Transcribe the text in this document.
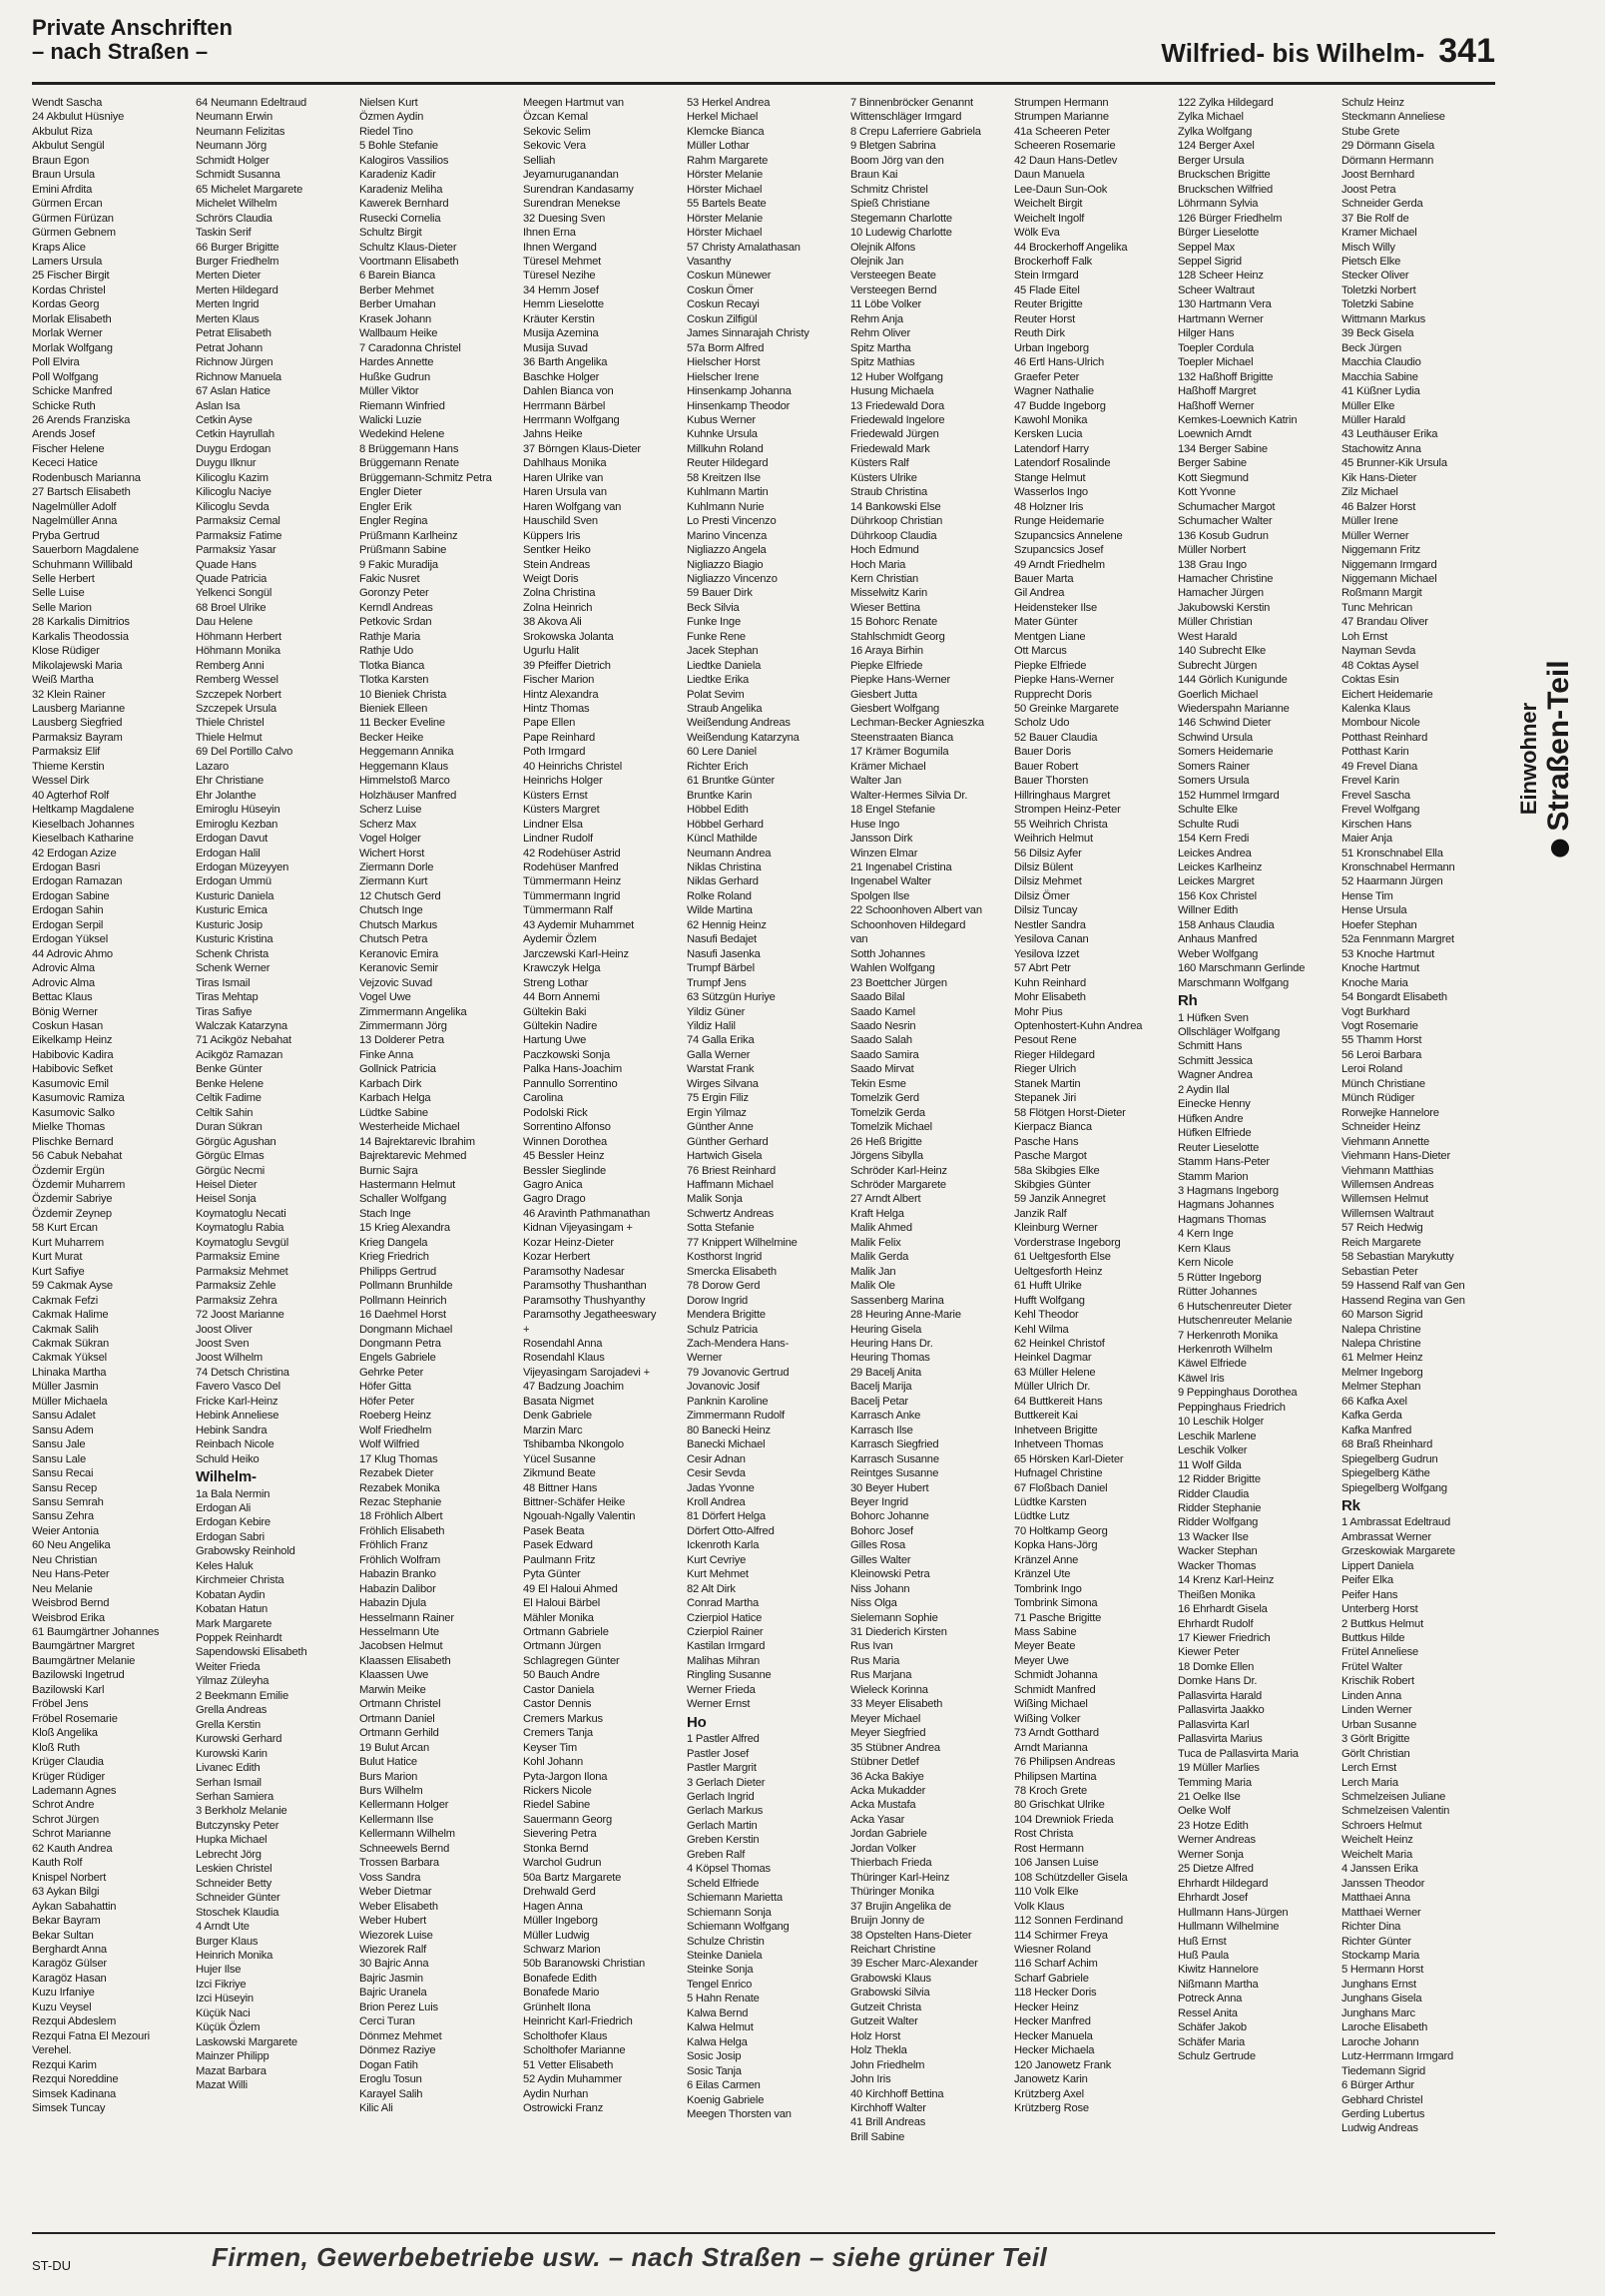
Private Anschriften
– nach Straßen –	Wilfried- bis Wilhelm- 341
Wendt Sascha
24 Akbulut Hüsniye
Akbulut Riza
Akbulut Sengül
Braun Egon
Braun Ursula
Emini Afrdita
Gürmen Ercan
Gürmen Fürüzan
Gürmen Gebnem
Kraps Alice
Lamers Ursula
25 Fischer Birgit
Kordas Christel
Kordas Georg
Morlak Elisabeth
Morlak Werner
Morlak Wolfgang
Poll Elvira
Poll Wolfgang
Schicke Manfred
Schicke Ruth
26 Arends Franziska
Arends Josef
Fischer Helene
Kececi Hatice
Rodenbusch Marianna
27 Bartsch Elisabeth
Nagelmüller Adolf
Nagelmüller Anna
Pryba Gertrud
Sauerborn Magdalene
Schuhmann Willibald
Selle Herbert
Selle Luise
Selle Marion
28 Karkalis Dimitrios
Karkalis Theodossia
Klose Rüdiger
Mikolajewski Maria
Weiß Martha
32 Klein Rainer
Lausberg Marianne
Lausberg Siegfried
Parmaksiz Bayram
Parmaksiz Elif
Thieme Kerstin
Wessel Dirk
40 Agterhof Rolf
Heltkamp Magdalene
Kieselbach Johannes
Kieselbach Katharine
42 Erdogan Azize
Erdogan Basri
Erdogan Ramazan
Erdogan Sabine
Erdogan Sahin
Erdogan Serpil
Erdogan Yüksel
44 Adrovic Ahmo
Adrovic Alma
Adrovic Alma
Bettac Klaus
Bönig Werner
Coskun Hasan
Eikelkamp Heinz
Habibovic Kadira
Habibovic Sefket
Kasumovic Emil
Kasumovic Ramiza
Kasumovic Salko
Mielke Thomas
Plischke Bernard
56 Cabuk Nebahat
Özdemir Ergün
Özdemir Muharrem
Özdemir Sabriye
Özdemir Zeynep
58 Kurt Ercan
Kurt Muharrem
Kurt Murat
Kurt Safiye
59 Cakmak Ayse
Cakmak Fefzi
Cakmak Halime
Cakmak Salih
Cakmak Sükran
Cakmak Yüksel
Lhinaka Martha
Müller Jasmin
Müller Michaela
Sansu Adalet
Sansu Adem
Sansu Jale
Sansu Lale
Sansu Recai
Sansu Recep
Sansu Semrah
Sansu Zehra
Weier Antonia
60 Neu Angelika
Neu Christian
Neu Hans-Peter
Neu Melanie
Weisbrod Bernd
Weisbrod Erika
61 Baumgärtner Johannes
Baumgärtner Margret
Baumgärtner Melanie
Bazilowski Ingetrud
Bazilowski Karl
Fröbel Jens
Fröbel Rosemarie
Kloß Angelika
Kloß Ruth
Krüger Claudia
Krüger Rüdiger
Lademann Agnes
Schrot Andre
Schrot Jürgen
Schrot Marianne
62 Kauth Andrea
Kauth Rolf
Knispel Norbert
63 Aykan Bilgi
Aykan Sabahattin
Bekar Bayram
Bekar Sultan
Berghardt Anna
Karagöz Gülser
Karagöz Hasan
Kuzu Irfaniye
Kuzu Veysel
Rezqui Abdeslem
Rezqui Fatna El Mezouri
Verehel.
Rezqui Karim
Rezqui Noreddine
Simsek Kadinana
Simsek Tuncay
64 Neumann Edeltraud
Neumann Erwin
Neumann Felizitas
Neumann Jörg
Schmidt Holger
Schmidt Susanna
65 Michelet Margarete
Michelet Wilhelm
Schrörs Claudia
Taskin Serif
66 Burger Brigitte
Burger Friedhelm
Merten Dieter
Merten Hildegard
Merten Ingrid
Merten Klaus
Petrat Elisabeth
Petrat Johann
Richnow Jürgen
Richnow Manuela
67 Aslan Hatice
Aslan Isa
Cetkin Ayse
Cetkin Hayrullah
Duygu Erdogan
Duygu Ilknur
Kilicoglu Kazim
Kilicoglu Naciye
Kilicoglu Sevda
Parmaksiz Cemal
Parmaksiz Fatime
Parmaksiz Yasar
Quade Hans
Quade Patricia
Yelkenci Songül
68 Broel Ulrike
Dau Helene
Höhmann Herbert
Höhmann Monika
Remberg Anni
Remberg Wessel
Szczepek Norbert
Szczepek Ursula
Thiele Christel
Thiele Helmut
69 Del Portillo Calvo
Lazaro
Ehr Christiane
Ehr Jolanthe
Emiroglu Hüseyin
Emiroglu Kezban
Erdogan Davut
Erdogan Halil
Erdogan Müzeyyen
Erdogan Ummü
Kusturic Daniela
Kusturic Emica
Kusturic Josip
Kusturic Kristina
Schenk Christa
Schenk Werner
Tiras Ismail
Tiras Mehtap
Tiras Safiye
Walczak Katarzyna
71 Acikgöz Nebahat
Acikgöz Ramazan
Benke Günter
Benke Helene
Celtik Fadime
Celtik Sahin
Duran Sükran
Görgüc Agushan
Görgüc Elmas
Görgüc Necmi
Heisel Dieter
Heisel Sonja
Koymatoglu Necati
Koymatoglu Rabia
Koymatoglu Sevgül
Parmaksiz Emine
Parmaksiz Mehmet
Parmaksiz Zehle
Parmaksiz Zehra
72 Joost Marianne
Joost Oliver
Joost Sven
Joost Wilhelm
74 Detsch Christina
Favero Vasco Del
Fricke Karl-Heinz
Hebink Anneliese
Hebink Sandra
Reinbach Nicole
Schuld Heiko
Wilhelm-
1a Bala Nermin
Erdogan Ali
Erdogan Kebire
Erdogan Sabri
Grabowsky Reinhold
Keles Haluk
Kirchmeier Christa
Kobatan Aydin
Kobatan Hatun
Mark Margarete
Poppek Reinhardt
Sapendowski Elisabeth
Weiter Frieda
Yilmaz Züleyha
2 Beekmann Emilie
Grella Andreas
Grella Kerstin
Kurowski Gerhard
Kurowski Karin
Livanec Edith
Serhan Ismail
Serhan Samiera
3 Berkholz Melanie
Butczynsky Peter
Hupka Michael
Lebrecht Jörg
Leskien Christel
Schneider Betty
Schneider Günter
Stoschek Klaudia
4 Arndt Ute
Burger Klaus
Heinrich Monika
Hujer Ilse
Izci Fikriye
Izci Hüseyin
Küçük Naci
Küçük Özlem
Laskowski Margarete
Mainzer Philipp
Mazat Barbara
Mazat Willi
Nielsen Kurt
Özmen Aydin
Riedel Tino
5 Bohle Stefanie
Kalogiros Vassilios
Karadeniz Kadir
Karadeniz Meliha
Kawerek Bernhard
Rusecki Cornelia
Schultz Birgit
Schultz Klaus-Dieter
Voortmann Elisabeth
6 Barein Bianca
Berber Mehmet
Berber Umahan
Krasek Johann
Wallbaum Heike
7 Caradonna Christel
Hardes Annette
Hußke Gudrun
Müller Viktor
Riemann Winfried
Walicki Luzie
Wedekind Helene
8 Brüggemann Hans
Brüggemann Renate
Brüggemann-Schmitz Petra
Engler Dieter
Engler Erik
Engler Regina
Prüßmann Karlheinz
Prüßmann Sabine
9 Fakic Muradija
Fakic Nusret
Goronzy Peter
Kerndl Andreas
Petkovic Srdan
Rathje Maria
Rathje Udo
Tlotka Bianca
Tlotka Karsten
10 Bieniek Christa
Bieniek Elleen
11 Becker Eveline
Becker Heike
Heggemann Annika
Heggemann Klaus
Himmelstoß Marco
Holzhäuser Manfred
Scherz Luise
Scherz Max
Vogel Holger
Wichert Horst
Ziermann Dorle
Ziermann Kurt
12 Chutsch Gerd
Chutsch Inge
Chutsch Markus
Chutsch Petra
Keranovic Emira
Keranovic Semir
Vejzovic Suvad
Vogel Uwe
Zimmermann Angelika
Zimmermann Jörg
13 Dolderer Petra
Finke Anna
Gollnick Patricia
Karbach Dirk
Karbach Helga
Lüdtke Sabine
Westerheide Michael
14 Bajrektarevic Ibrahim
Bajrektarevic Mehmed
Burnic Sajra
Hastermann Helmut
Schaller Wolfgang
Stach Inge
15 Krieg Alexandra
Krieg Dangela
Krieg Friedrich
Philipps Gertrud
Pollmann Brunhilde
Pollmann Heinrich
16 Daehmel Horst
Dongmann Michael
Dongmann Petra
Engels Gabriele
Gehrke Peter
Höfer Gitta
Höfer Peter
Roeberg Heinz
Wolf Friedhelm
Wolf Wilfried
17 Klug Thomas
Rezabek Dieter
Rezabek Monika
Rezac Stephanie
18 Fröhlich Albert
Fröhlich Elisabeth
Fröhlich Franz
Fröhlich Wolfram
Habazin Branko
Habazin Dalibor
Habazin Djula
Hesselmann Rainer
Hesselmann Ute
Jacobsen Helmut
Klaassen Elisabeth
Klaassen Uwe
Marwin Meike
Ortmann Christel
Ortmann Daniel
Ortmann Gerhild
19 Bulut Arcan
Bulut Hatice
Burs Marion
Burs Wilhelm
Kellermann Holger
Kellermann Ilse
Kellermann Wilhelm
Schneewels Bernd
Trossen Barbara
Voss Sandra
Weber Dietmar
Weber Elisabeth
Weber Hubert
Wiezorek Luise
Wiezorek Ralf
30 Bajric Anna
Bajric Jasmin
Bajric Uranela
Brion Perez Luis
Cerci Turan
Dönmez Mehmet
Dönmez Raziye
Dogan Fatih
Eroglu Tosun
Karayel Salih
Kilic Ali
Meegen Hartmut van
Özcan Kemal
Sekovic Selim
Sekovic Vera
Selliah
Jeyamuruganandan
Surendran Kandasamy
Surendran Menekse
32 Duesing Sven
Ihnen Erna
Ihnen Wergand
Türesel Mehmet
Türesel Nezihe
34 Hemm Josef
Hemm Lieselotte
Kräuter Kerstin
Musija Azemina
Musija Suvad
36 Barth Angelika
Baschke Holger
Dahlen Bianca von
Herrmann Bärbel
Herrmann Wolfgang
Jahns Heike
37 Börngen Klaus-Dieter
Dahlhaus Monika
Haren Ulrike van
Haren Ursula van
Haren Wolfgang van
Hauschild Sven
Küppers Iris
Sentker Heiko
Stein Andreas
Weigt Doris
Zolna Christina
Zolna Heinrich
38 Akova Ali
Srokowska Jolanta
Ugurlu Halit
39 Pfeiffer Dietrich
Fischer Marion
Hintz Alexandra
Hintz Thomas
Pape Ellen
Pape Reinhard
Poth Irmgard
40 Heinrichs Christel
Heinrichs Holger
Küsters Ernst
Küsters Margret
Lindner Elsa
Lindner Rudolf
42 Rodehüser Astrid
Rodehüser Manfred
Tümmermann Heinz
Tümmermann Ingrid
Tümmermann Ralf
43 Aydemir Muhammet
Aydemir Özlem
Jarczewski Karl-Heinz
Krawczyk Helga
Streng Lothar
44 Born Annemi
Gültekin Baki
Gültekin Nadire
Hartung Uwe
Paczkowski Sonja
Palka Hans-Joachim
Pannullo Sorrentino
Carolina
Podolski Rick
Sorrentino Alfonso
Winnen Dorothea
45 Bessler Heinz
Bessler Sieglinde
Gagro Anica
Gagro Drago
46 Aravinth Pathmanathan
Kidnan Vijeyasingam +
Kozar Heinz-Dieter
Kozar Herbert
Paramsothy Nadesar
Paramsothy Thushanthan
Paramsothy Thushyanthy
Paramsothy Jegatheeswary
+
Rosendahl Anna
Rosendahl Klaus
Vijeyasingam Sarojadevi +
47 Badzung Joachim
Basata Nigmet
Denk Gabriele
Marzin Marc
Tshibamba Nkongolo
Yücel Susanne
Zikmund Beate
48 Bittner Hans
Bittner-Schäfer Heike
Ngouah-Ngally Valentin
Pasek Beata
Pasek Edward
Paulmann Fritz
Pyta Günter
49 El Haloui Ahmed
El Haloui Bärbel
Mähler Monika
Ortmann Gabriele
Ortmann Jürgen
Schlagregen Günter
50 Bauch Andre
Castor Daniela
Castor Dennis
Cremers Markus
Cremers Tanja
Keyser Tim
Kohl Johann
Pyta-Jargon Ilona
Rickers Nicole
Riedel Sabine
Sauermann Georg
Sievering Petra
Stonka Bernd
Warchol Gudrun
50a Bartz Margarete
Drehwald Gerd
Hagen Anna
Müller Ingeborg
Müller Ludwig
Schwarz Marion
50b Baranowski Christian
Bonafede Edith
Bonafede Mario
Grünhelt Ilona
Heinricht Karl-Friedrich
Scholthofer Klaus
Scholthofer Marianne
51 Vetter Elisabeth
52 Aydin Muhammer
Aydin Nurhan
Ostrowicki Franz
53 Herkel Andrea
Herkel Michael
Klemcke Bianca
Müller Lothar
Rahm Margarete
Hörster Melanie
Hörster Michael
55 Bartels Beate
Hörster Melanie
Hörster Michael
57 Christy Amalathasan
Vasanthy
Coskun Münewer
Coskun Ömer
Coskun Recayi
Coskun Zilfigül
James Sinnarajah Christy
57a Borm Alfred
Hielscher Horst
Hielscher Irene
Hinsenkamp Johanna
Hinsenkamp Theodor
Kubus Werner
Kuhnke Ursula
Millkuhn Roland
Reuter Hildegard
58 Kreitzen Ilse
Kuhlmann Martin
Kuhlmann Nurie
Lo Presti Vincenzo
Marino Vincenza
Nigliazzo Angela
Nigliazzo Biagio
Nigliazzo Vincenzo
59 Bauer Dirk
Beck Silvia
Funke Inge
Funke Rene
Jacek Stephan
Liedtke Daniela
Liedtke Erika
Polat Sevim
Straub Angelika
Weißendung Andreas
Weißendung Katarzyna
60 Lere Daniel
Richter Erich
61 Bruntke Günter
Bruntke Karin
Höbbel Edith
Höbbel Gerhard
Küncl Mathilde
Neumann Andrea
Niklas Christina
Niklas Gerhard
Rolke Roland
Wilde Martina
62 Hennig Heinz
Nasufi Bedajet
Nasufi Jasenka
Trumpf Bärbel
Trumpf Jens
63 Sützgün Huriye
Yildiz Güner
Yildiz Halil
74 Galla Erika
Galla Werner
Warstat Frank
Wirges Silvana
75 Ergin Filiz
Ergin Yilmaz
Günther Anne
Günther Gerhard
Hartwich Gisela
76 Briest Reinhard
Haffmann Michael
Malik Sonja
Schwertz Andreas
Sotta Stefanie
77 Knippert Wilhelmine
Kosthorst Ingrid
Smercka Elisabeth
78 Dorow Gerd
Dorow Ingrid
Mendera Brigitte
Schulz Patricia
Zach-Mendera Hans-
Werner
79 Jovanovic Gertrud
Jovanovic Josif
Panknin Karoline
Zimmermann Rudolf
80 Banecki Heinz
Banecki Michael
Cesir Adnan
Cesir Sevda
Jadas Yvonne
Kroll Andrea
81 Dörfert Helga
Dörfert Otto-Alfred
Ickenroth Karla
Kurt Cevriye
Kurt Mehmet
82 Alt Dirk
Conrad Martha
Czierpiol Hatice
Czierpiol Rainer
Kastilan Irmgard
Malihas Mihran
Ringling Susanne
Werner Frieda
Werner Ernst
Ho
1 Pastler Alfred
Pastler Josef
Pastler Margrit
3 Gerlach Dieter
Gerlach Ingrid
Gerlach Markus
Gerlach Martin
Greben Kerstin
Greben Ralf
4 Köpsel Thomas
Scheld Elfriede
Schiemann Marietta
Schiemann Sonja
Schiemann Wolfgang
Schulze Christin
Steinke Daniela
Steinke Sonja
Tengel Enrico
5 Hahn Renate
Kalwa Bernd
Kalwa Helmut
Kalwa Helga
Sosic Josip
Sosic Tanja
6 Eilas Carmen
Koenig Gabriele
Meegen Thorsten van
7 Binnenbröcker Genannt
Wittenschläger Irmgard
8 Crepu Laferriere Gabriela
9 Bletgen Sabrina
Boom Jörg van den
Braun Kai
Schmitz Christel
Spieß Christiane
Stegemann Charlotte
10 Ludewig Charlotte
Olejnik Alfons
Olejnik Jan
Versteegen Beate
Versteegen Bernd
11 Löbe Volker
Rehm Anja
Rehm Oliver
Spitz Martha
Spitz Mathias
12 Huber Wolfgang
Husung Michaela
13 Friedewald Dora
Friedewald Ingelore
Friedewald Jürgen
Friedewald Mark
Küsters Ralf
Küsters Ulrike
Straub Christina
14 Bankowski Else
Dührkoop Christian
Dührkoop Claudia
Hoch Edmund
Hoch Maria
Kern Christian
Misselwitz Karin
Wieser Bettina
15 Bohorc Renate
Stahlschmidt Georg
16 Araya Birhin
Piepke Elfriede
Piepke Hans-Werner
Giesbert Jutta
Giesbert Wolfgang
Lechman-Becker Agnieszka
Steenstraaten Bianca
17 Krämer Bogumila
Krämer Michael
Walter Jan
Walter-Hermes Silvia Dr.
18 Engel Stefanie
Huse Ingo
Jansson Dirk
Winzen Elmar
21 Ingenabel Cristina
Ingenabel Walter
Spolgen Ilse
22 Schoonhoven Albert van
Schoonhoven Hildegard
van
Sotth Johannes
Wahlen Wolfgang
23 Boettcher Jürgen
Saado Bilal
Saado Kamel
Saado Nesrin
Saado Salah
Saado Samira
Saado Mirvat
Tekin Esme
Tomelzik Gerd
Tomelzik Gerda
Tomelzik Michael
26 Heß Brigitte
Jörgens Sibylla
Schröder Karl-Heinz
Schröder Margarete
27 Arndt Albert
Kraft Helga
Malik Ahmed
Malik Felix
Malik Gerda
Malik Jan
Malik Ole
Sassenberg Marina
28 Heuring Anne-Marie
Heuring Gisela
Heuring Hans Dr.
Heuring Thomas
29 Bacelj Anita
Bacelj Marija
Bacelj Petar
Karrasch Anke
Karrasch Ilse
Karrasch Siegfried
Karrasch Susanne
Reintges Susanne
30 Beyer Hubert
Beyer Ingrid
Bohorc Johanne
Bohorc Josef
Gilles Rosa
Gilles Walter
Kleinowski Petra
Niss Johann
Niss Olga
Sielemann Sophie
31 Diederich Kirsten
Rus Ivan
Rus Maria
Rus Marjana
Wieleck Korinna
33 Meyer Elisabeth
Meyer Michael
Meyer Siegfried
35 Stübner Andrea
Stübner Detlef
36 Acka Bakiye
Acka Mukadder
Acka Mustafa
Acka Yasar
Jordan Gabriele
Jordan Volker
Thierbach Frieda
Thüringer Karl-Heinz
Thüringer Monika
37 Brujin Angelika de
Bruijn Jonny de
38 Opstelten Hans-Dieter
Reichart Christine
39 Escher Marc-Alexander
Grabowski Klaus
Grabowski Silvia
Gutzeit Christa
Gutzeit Walter
Holz Horst
Holz Thekla
John Friedhelm
John Iris
40 Kirchhoff Bettina
Kirchhoff Walter
41 Brill Andreas
Brill Sabine
Strumpen Hermann
Strumpen Marianne
41a Scheeren Peter
Scheeren Rosemarie
42 Daun Hans-Detlev
Daun Manuela
Lee-Daun Sun-Ook
Weichelt Birgit
Weichelt Ingolf
Wölk Eva
44 Brockerhoff Angelika
Brockerhoff Falk
Stein Irmgard
45 Flade Eitel
Reuter Brigitte
Reuter Horst
Reuth Dirk
Urban Ingeborg
46 Ertl Hans-Ulrich
Graefer Peter
Wagner Nathalie
47 Budde Ingeborg
Kawohl Monika
Kersken Lucia
Latendorf Harry
Latendorf Rosalinde
Stange Helmut
Wasserlos Ingo
48 Holzner Iris
Runge Heidemarie
Szupancsics Annelene
Szupancsics Josef
49 Arndt Friedhelm
Bauer Marta
Gil Andrea
Heidensteker Ilse
Mater Günter
Mentgen Liane
Ott Marcus
Piepke Elfriede
Piepke Hans-Werner
Rupprecht Doris
50 Greinke Margarete
Scholz Udo
52 Bauer Claudia
Bauer Doris
Bauer Robert
Bauer Thorsten
Hillringhaus Margret
Strompen Heinz-Peter
55 Weihrich Christa
Weihrich Helmut
56 Dilsiz Ayfer
Dilsiz Bülent
Dilsiz Mehmet
Dilsiz Ömer
Dilsiz Tuncay
Nestler Sandra
Yesilova Canan
Yesilova Izzet
57 Abrt Petr
Kuhn Reinhard
Mohr Elisabeth
Mohr Pius
Optenhostert-Kuhn Andrea
Pesout Rene
Rieger Hildegard
Rieger Ulrich
Stanek Martin
Stepanek Jiri
58 Flötgen Horst-Dieter
Kierpacz Bianca
Pasche Hans
Pasche Margot
58a Skibgies Elke
Skibgies Günter
59 Janzik Annegret
Janzik Ralf
Kleinburg Werner
Vorderstrase Ingeborg
61 Ueltgesforth Else
Ueltgesforth Heinz
61 Hufft Ulrike
Hufft Wolfgang
Kehl Theodor
Kehl Wilma
62 Heinkel Christof
Heinkel Dagmar
63 Müller Helene
Müller Ulrich Dr.
64 Buttkereit Hans
Buttkereit Kai
Inhetveen Brigitte
Inhetveen Thomas
65 Hörsken Karl-Dieter
Hufnagel Christine
67 Floßbach Daniel
Lüdtke Karsten
Lüdtke Lutz
70 Holtkamp Georg
Kopka Hans-Jörg
Kränzel Anne
Kränzel Ute
Tombrink Ingo
Tombrink Simona
71 Pasche Brigitte
Mass Sabine
Meyer Beate
Meyer Uwe
Schmidt Johanna
Schmidt Manfred
Wißing Michael
Wißing Volker
73 Arndt Gotthard
Arndt Marianna
76 Philipsen Andreas
Philipsen Martina
78 Kroch Grete
80 Grischkat Ulrike
104 Drewniok Frieda
Rost Christa
Rost Hermann
106 Jansen Luise
108 Schützdeller Gisela
110 Volk Elke
Volk Klaus
112 Sonnen Ferdinand
114 Schirmer Freya
Wiesner Roland
116 Scharf Achim
Scharf Gabriele
118 Hecker Doris
Hecker Heinz
Hecker Manfred
Hecker Manuela
Hecker Michaela
120 Janowetz Frank
Janowetz Karin
Krützberg Axel
Krützberg Rose
122 Zylka Hildegard
Zylka Michael
Zylka Wolfgang
124 Berger Axel
Berger Ursula
Bruckschen Brigitte
Bruckschen Wilfried
Löhrmann Sylvia
126 Bürger Friedhelm
Bürger Lieselotte
Seppel Max
Seppel Sigrid
128 Scheer Heinz
Scheer Waltraut
130 Hartmann Vera
Hartmann Werner
Hilger Hans
Toepler Cordula
Toepler Michael
132 Haßhoff Brigitte
Haßhoff Margret
Haßhoff Werner
Kemkes-Loewnich Katrin
Loewnich Arndt
134 Berger Sabine
Berger Sabine
Kott Siegmund
Kott Yvonne
Schumacher Margot
Schumacher Walter
136 Kosub Gudrun
Müller Norbert
138 Grau Ingo
Hamacher Christine
Hamacher Jürgen
Jakubowski Kerstin
Müller Christian
West Harald
140 Subrecht Elke
Subrecht Jürgen
144 Görlich Kunigunde
Goerlich Michael
Wiederspahn Marianne
146 Schwind Dieter
Schwind Ursula
Somers Heidemarie
Somers Rainer
Somers Ursula
152 Hummel Irmgard
Schulte Elke
Schulte Rudi
154 Kern Fredi
Leickes Andrea
Leickes Karlheinz
Leickes Margret
156 Kox Christel
Willner Edith
158 Anhaus Claudia
Anhaus Manfred
Weber Wolfgang
160 Marschmann Gerlinde
Marschmann Wolfgang
Rh
1 Hüfken Sven
Ollschläger Wolfgang
Schmitt Hans
Schmitt Jessica
Wagner Andrea
2 Aydin Ilal
Einecke Henny
Hüfken Andre
Hüfken Elfriede
Reuter Lieselotte
Stamm Hans-Peter
Stamm Marion
3 Hagmans Ingeborg
Hagmans Johannes
Hagmans Thomas
4 Kern Inge
Kern Klaus
Kern Nicole
5 Rütter Ingeborg
Rütter Johannes
6 Hutschenreuter Dieter
Hutschenreuter Melanie
7 Herkenroth Monika
Herkenroth Wilhelm
Käwel Elfriede
Käwel Iris
9 Peppinghaus Dorothea
Peppinghaus Friedrich
10 Leschik Holger
Leschik Marlene
Leschik Volker
11 Wolf Gilda
12 Ridder Brigitte
Ridder Claudia
Ridder Stephanie
Ridder Wolfgang
13 Wacker Ilse
Wacker Stephan
Wacker Thomas
14 Krenz Karl-Heinz
Theißen Monika
16 Ehrhardt Gisela
Ehrhardt Rudolf
17 Kiewer Friedrich
Kiewer Peter
18 Domke Ellen
Domke Hans Dr.
Pallasvirta Harald
Pallasvirta Jaakko
Pallasvirta Karl
Pallasvirta Marius
Tuca de Pallasvirta Maria
19 Müller Marlies
Temming Maria
21 Oelke Ilse
Oelke Wolf
23 Hotze Edith
Werner Andreas
Werner Sonja
25 Dietze Alfred
Ehrhardt Hildegard
Ehrhardt Josef
Hullmann Hans-Jürgen
Hullmann Wilhelmine
Huß Ernst
Huß Paula
Kiwitz Hannelore
Nißmann Martha
Potreck Anna
Ressel Anita
Schäfer Jakob
Schäfer Maria
Schulz Gertrude
Schulz Heinz
Steckmann Anneliese
Stube Grete
29 Dörmann Gisela
Dörmann Hermann
Joost Bernhard
Joost Petra
Schneider Gerda
37 Bie Rolf de
Kramer Michael
Misch Willy
Pietsch Elke
Stecker Oliver
Toletzki Norbert
Toletzki Sabine
Wittmann Markus
39 Beck Gisela
Beck Jürgen
Macchia Claudio
Macchia Sabine
41 Küßner Lydia
Müller Elke
Müller Harald
43 Leuthäuser Erika
Stachowitz Anna
45 Brunner-Kik Ursula
Kik Hans-Dieter
Zilz Michael
46 Balzer Horst
Müller Irene
Müller Werner
Niggemann Fritz
Niggemann Irmgard
Niggemann Michael
Roßmann Margit
Tunc Mehrican
47 Brandau Oliver
Loh Ernst
Nayman Sevda
48 Coktas Aysel
Coktas Esin
Eichert Heidemarie
Kalenka Klaus
Mombour Nicole
Potthast Reinhard
Potthast Karin
49 Frevel Diana
Frevel Karin
Frevel Sascha
Frevel Wolfgang
Kirschen Hans
Maier Anja
51 Kronschnabel Ella
Kronschnabel Hermann
52 Haarmann Jürgen
Hense Tim
Hense Ursula
Hoefer Stephan
52a Fennmann Margret
53 Knoche Hartmut
Knoche Hartmut
Knoche Maria
54 Bongardt Elisabeth
Vogt Burkhard
Vogt Rosemarie
55 Thamm Horst
56 Leroi Barbara
Leroi Roland
Münch Christiane
Münch Rüdiger
Rorwejke Hannelore
Schneider Heinz
Viehmann Annette
Viehmann Hans-Dieter
Viehmann Matthias
Willemsen Andreas
Willemsen Helmut
Willemsen Waltraut
57 Reich Hedwig
Reich Margarete
58 Sebastian Marykutty
Sebastian Peter
59 Hassend Ralf van Gen
Hassend Regina van Gen
60 Marson Sigrid
Nalepa Christine
Nalepa Christine
61 Melmer Heinz
Melmer Ingeborg
Melmer Stephan
66 Kafka Axel
Kafka Gerda
Kafka Manfred
68 Braß Rheinhard
Spiegelberg Gudrun
Spiegelberg Käthe
Spiegelberg Wolfgang
Rk
1 Ambrassat Edeltraud
Ambrassat Werner
Grzeskowiak Margarete
Lippert Daniela
Peifer Elka
Peifer Hans
Unterberg Horst
2 Buttkus Helmut
Buttkus Hilde
Frütel Anneliese
Frütel Walter
Krischik Robert
Linden Anna
Linden Werner
Urban Susanne
3 Görlt Brigitte
Görlt Christian
Lerch Ernst
Lerch Maria
Schmelzeisen Juliane
Schmelzeisen Valentin
Schroers Helmut
Weichelt Heinz
Weichelt Maria
4 Janssen Erika
Janssen Theodor
Matthaei Anna
Matthaei Werner
Richter Dina
Richter Günter
Stockamp Maria
5 Hermann Horst
Junghans Ernst
Junghans Gisela
Junghans Marc
Laroche Elisabeth
Laroche Johann
Lutz-Herrmann Irmgard
Tiedemann Sigrid
6 Bürger Arthur
Gebhard Christel
Gerding Lubertus
Ludwig Andreas
Einwohner Straßen-Teil
ST-DU	Firmen, Gewerbebetriebe usw. – nach Straßen – siehe grüner Teil
